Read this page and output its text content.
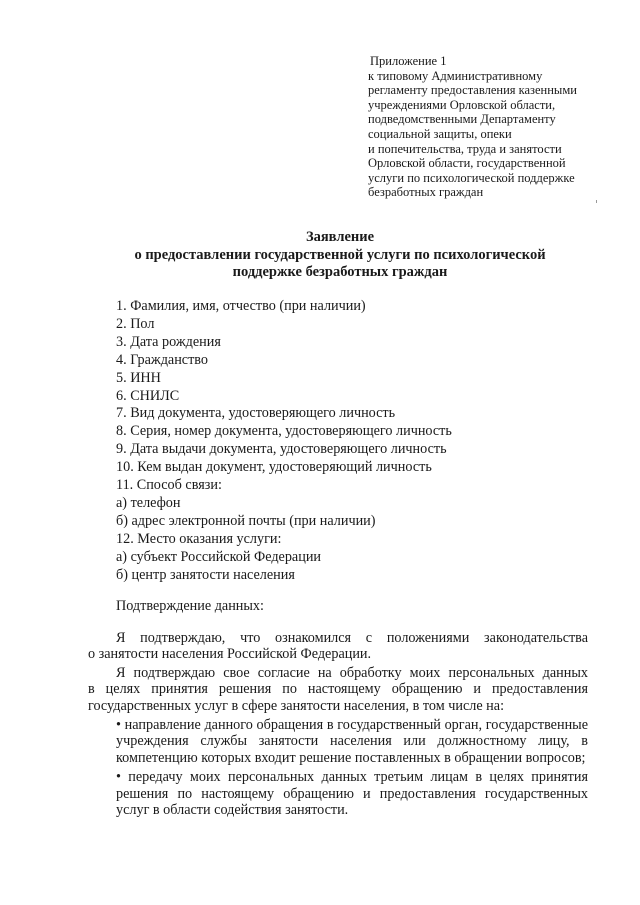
Приложение 1
к типовому Административному
регламенту предоставления казенными
учреждениями Орловской области,
подведомственными Департаменту
социальной защиты, опеки
и попечительства, труда и занятости
Орловской области, государственной
услуги по психологической поддержке
безработных граждан
Заявление
о предоставлении государственной услуги по психологической
поддержке безработных граждан
1. Фамилия, имя, отчество (при наличии)
2. Пол
3. Дата рождения
4. Гражданство
5. ИНН
6. СНИЛС
7. Вид документа, удостоверяющего личность
8. Серия, номер документа, удостоверяющего личность
9. Дата выдачи документа, удостоверяющего личность
10. Кем выдан документ, удостоверяющий личность
11. Способ связи:
а) телефон
б) адрес электронной почты (при наличии)
12. Место оказания услуги:
а) субъект Российской Федерации
б) центр занятости населения
Подтверждение данных:
Я подтверждаю, что ознакомился с положениями законодательства
о занятости населения Российской Федерации.
Я подтверждаю свое согласие на обработку моих персональных данных
в целях принятия решения по настоящему обращению и предоставления государственных услуг в сфере занятости населения, в том числе на:
• направление данного обращения в государственный орган, государственные учреждения службы занятости населения или должностному лицу, в компетенцию которых входит решение поставленных в обращении вопросов;
• передачу моих персональных данных третьим лицам в целях принятия решения по настоящему обращению и предоставления государственных услуг в области содействия занятости.
